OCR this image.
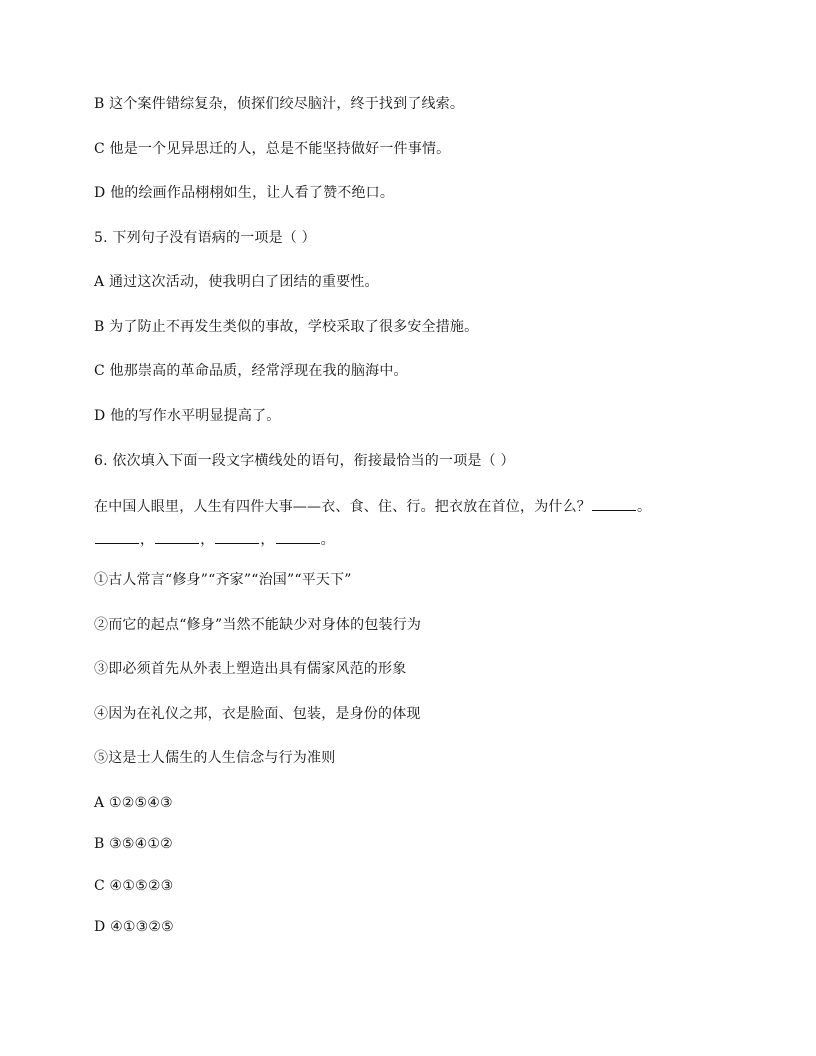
B 这个案件错综复杂，侦探们绞尽脑汁，终于找到了线索。
C 他是一个见异思迁的人，总是不能坚持做好一件事情。
D 他的绘画作品栩栩如生，让人看了赞不绝口。
5. 下列句子没有语病的一项是（ ）
A 通过这次活动，使我明白了团结的重要性。
B 为了防止不再发生类似的事故，学校采取了很多安全措施。
C 他那崇高的革命品质，经常浮现在我的脑海中。
D 他的写作水平明显提高了。
6. 依次填入下面一段文字横线处的语句，衔接最恰当的一项是（ ）
在中国人眼里，人生有四件大事——衣、食、住、行。把衣放在首位，为什么？	。
，	，	，	。
①古人常言“修身”“齐家”“治国”“平天下”
②而它的起点“修身”当然不能缺少对身体的包装行为
③即必须首先从外表上塑造出具有儒家风范的形象
④因为在礼仪之邦，衣是脸面、包装，是身份的体现
⑤这是士人儒生的人生信念与行为准则
A ①②⑤④③
B ③⑤④①②
C ④①⑤②③
D ④①③②⑤
